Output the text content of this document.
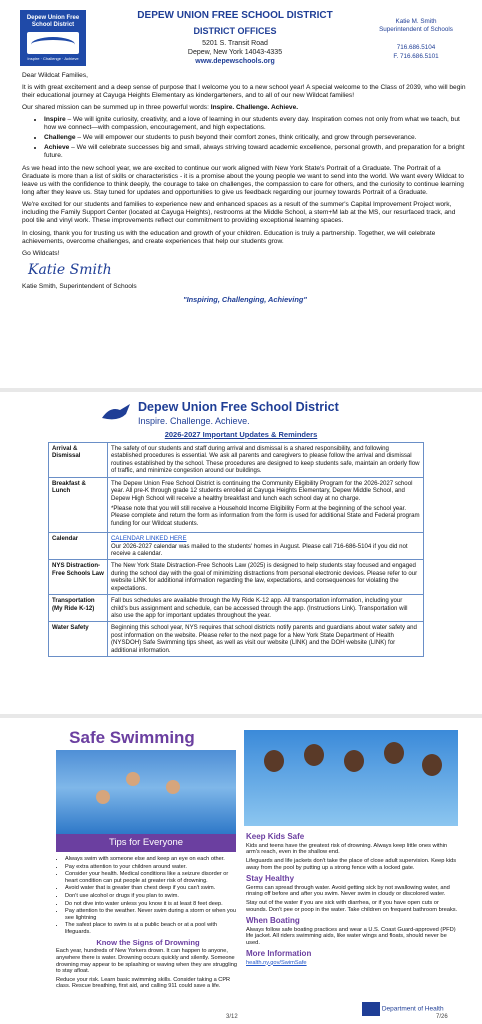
Depew Union Free
School District
Inspire · Challenge · Achieve
DEPEW UNION FREE SCHOOL DISTRICT
DISTRICT OFFICES
5201 S. Transit Road
Depew, New York 14043-4335
www.depewschools.org
Katie M. Smith
Superintendent of Schools
716.686.5104
F. 716.686.5101

Dear Wildcat Families,

It is with great excitement and a deep sense of purpose that I welcome you to a new school year! A special welcome to the Class of 2039, who will begin their educational journey at Cayuga Heights Elementary as kindergarteners, and to all of our new Wildcat families!

Our shared mission can be summed up in three powerful words: Inspire. Challenge. Achieve.

• Inspire – We will ignite curiosity, creativity, and a love of learning in our students every day. Inspiration comes not only from what we teach, but how we connect—with compassion, encouragement, and high expectations.
• Challenge – We will empower our students to push beyond their comfort zones, think critically, and grow through perseverance.
• Achieve – We will celebrate successes big and small, always striving toward academic excellence, personal growth, and preparation for a bright future.

As we head into the new school year, we are excited to continue our work aligned with New York State's Portrait of a Graduate. The Portrait of a Graduate is more than a list of skills or characteristics - it is a promise about the young people we want to send into the world. We want every Wildcat to leave us with the confidence to think deeply, the courage to take on challenges, the compassion to care for others, and the curiosity to continue learning long after they leave us. Stay tuned for updates and opportunities to give us feedback regarding our journey towards Portrait of a Graduate.

We're excited for our students and families to experience new and enhanced spaces as a result of the summer's Capital Improvement Project work, including the Family Support Center (located at Cayuga Heights), restrooms at the Middle School, a stem+M lab at the MS, our resurfaced track, and pool tile and vinyl work. These improvements reflect our commitment to providing exceptional learning spaces.

In closing, thank you for trusting us with the education and growth of your children. Education is truly a partnership. Together, we will celebrate achievements, overcome challenges, and create experiences that help our students grow.

Go Wildcats!

Katie Smith
Katie Smith, Superintendent of Schools
"Inspiring, Challenging, Achieving"
Depew Union Free School District
Inspire. Challenge. Achieve.
2026-2027 Important Updates & Reminders
Arrival & Dismissal	The safety of our students and staff during arrival and dismissal is a shared responsibility, and following established procedures is essential. We ask all parents and caregivers to please follow the arrival and dismissal routines established by the school. These procedures are designed to keep students safe, maintain an orderly flow of traffic, and minimize congestion around our buildings.
Breakfast & Lunch	The Depew Union Free School District is continuing the Community Eligibility Program for the 2026-2027 school year. All pre-K through grade 12 students enrolled at Cayuga Heights Elementary, Depew Middle School, and Depew High School will receive a healthy breakfast and lunch each school day at no charge.

*Please note that you will still receive a Household Income Eligibility Form at the beginning of the school year. Please complete and return the form as information from the form is used for additional State and Federal program funding for our Wildcat students.

Calendar	CALENDAR LINKED HERE
Our 2026-2027 calendar was mailed to the students' homes in August. Please call 716-686-5104 if you did not receive a calendar.

NYS Distraction-Free Schools Law	The New York State Distraction-Free Schools Law (2025) is designed to help students stay focused and engaged during the school day with the goal of minimizing distractions from personal electronic devices. Please refer to our website LINK for additional information regarding the law, expectations, and consequences for violating the expectations.
Transportation (My Ride K-12)	Fall bus schedules are available through the My Ride K-12 app. All transportation information, including your child's bus assignment and schedule, can be accessed through the app. (Instructions Link). Transportation will also use the app for important updates throughout the year.
Water Safety	Beginning this school year, NYS requires that school districts notify parents and guardians about water safety and post information on the website. Please refer to the next page for a New York State Department of Health (NYSDOH) Safe Swimming tips sheet, as well as visit our website (LINK) and the DOH website (LINK) for additional information.
Safe Swimming
Tips for Everyone
• Always swim with someone else and keep an eye on each other.
• Pay extra attention to your children around water.
• Consider your health. Medical conditions like a seizure disorder or heart condition can put people at greater risk of drowning.
• Avoid water that is greater than chest deep if you can't swim.
• Don't use alcohol or drugs if you plan to swim.
• Do not dive into water unless you know it is at least 8 feet deep.
• Pay attention to the weather. Never swim during a storm or when you see lightning
• The safest place to swim is at a public beach or at a pool with lifeguards.
Know the Signs of Drowning

Each year, hundreds of New Yorkers drown. It can happen to anyone, anywhere there is water. Drowning occurs quickly and silently. Someone drowning may appear to be splashing or waving when they are struggling to stay afloat.

Reduce your risk. Learn basic swimming skills. Consider taking a CPR class. Rescue breathing, first aid, and calling 911 could save a life.

Keep Kids Safe

Kids and teens have the greatest risk of drowning. Always keep little ones within arm's reach, even in the shallow end.

Lifeguards and life jackets don't take the place of close adult supervision. Keep kids away from the pool by putting up a strong fence with a locked gate.

Stay Healthy

Germs can spread through water. Avoid getting sick by not swallowing water, and rinsing off before and after you swim. Never swim in cloudy or discolored water.

Stay out of the water if you are sick with diarrhea, or if you have open cuts or wounds. Don't pee or poop in the water. Take children on frequent bathroom breaks.

When Boating

Always follow safe boating practices and wear a U.S. Coast Guard-approved (PFD) life jacket. All riders swimming aids, like water wings and floats, should never be used.

More Information
health.ny.gov/SwimSafe
Department of Health
3/12	7/26
